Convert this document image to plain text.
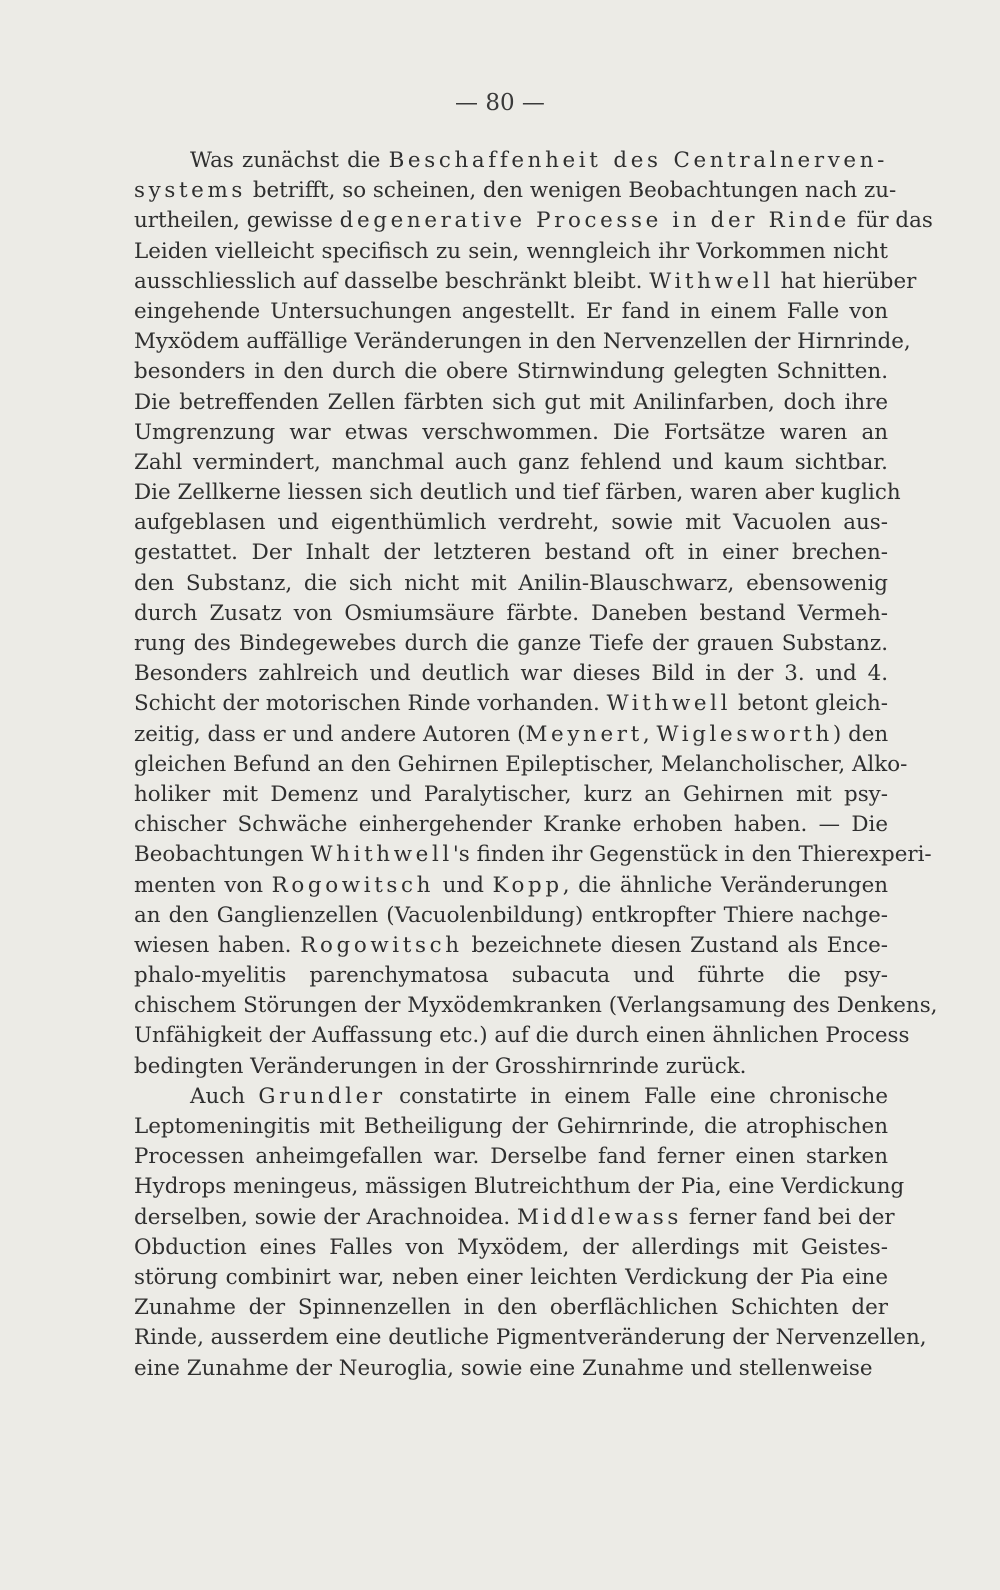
— 80 —
Was zunächst die Beschaffenheit des Centralnerven-
systems betrifft, so scheinen, den wenigen Beobachtungen nach zu-
urtheilen, gewisse degenerative Processe in der Rinde für das
Leiden vielleicht specifisch zu sein, wenngleich ihr Vorkommen nicht
ausschliesslich auf dasselbe beschränkt bleibt. Withwell hat hierüber
eingehende Untersuchungen angestellt. Er fand in einem Falle von
Myxödem auffällige Veränderungen in den Nervenzellen der Hirnrinde,
besonders in den durch die obere Stirnwindung gelegten Schnitten.
Die betreffenden Zellen färbten sich gut mit Anilinfarben, doch ihre
Umgrenzung war etwas verschwommen. Die Fortsätze waren an
Zahl vermindert, manchmal auch ganz fehlend und kaum sichtbar.
Die Zellkerne liessen sich deutlich und tief färben, waren aber kuglich
aufgeblasen und eigenthümlich verdreht, sowie mit Vacuolen aus-
gestattet. Der Inhalt der letzteren bestand oft in einer brechen-
den Substanz, die sich nicht mit Anilin-Blauschwarz, ebensowenig
durch Zusatz von Osmiumsäure färbte. Daneben bestand Vermeh-
rung des Bindegewebes durch die ganze Tiefe der grauen Substanz.
Besonders zahlreich und deutlich war dieses Bild in der 3. und 4.
Schicht der motorischen Rinde vorhanden. Withwell betont gleich-
zeitig, dass er und andere Autoren (Meynert, Wiglesworth) den
gleichen Befund an den Gehirnen Epileptischer, Melancholischer, Alko-
holiker mit Demenz und Paralytischer, kurz an Gehirnen mit psy-
chischer Schwäche einhergehender Kranke erhoben haben. — Die
Beobachtungen Whithwell's finden ihr Gegenstück in den Thierexperi-
menten von Rogowitsch und Kopp, die ähnliche Veränderungen
an den Ganglienzellen (Vacuolenbildung) entkropfter Thiere nachge-
wiesen haben. Rogowitsch bezeichnete diesen Zustand als Ence-
phalo-myelitis parenchymatosa subacuta und führte die psy-
chischem Störungen der Myxödemkranken (Verlangsamung des Denkens,
Unfähigkeit der Auffassung etc.) auf die durch einen ähnlichen Process
bedingten Veränderungen in der Grosshirnrinde zurück.
Auch Grundler constatirte in einem Falle eine chronische
Leptomeningitis mit Betheiligung der Gehirnrinde, die atrophischen
Processen anheimgefallen war. Derselbe fand ferner einen starken
Hydrops meningeus, mässigen Blutreichthum der Pia, eine Verdickung
derselben, sowie der Arachnoidea. Middlewass ferner fand bei der
Obduction eines Falles von Myxödem, der allerdings mit Geistes-
störung combinirt war, neben einer leichten Verdickung der Pia eine
Zunahme der Spinnenzellen in den oberflächlichen Schichten der
Rinde, ausserdem eine deutliche Pigmentveränderung der Nervenzellen,
eine Zunahme der Neuroglia, sowie eine Zunahme und stellenweise
